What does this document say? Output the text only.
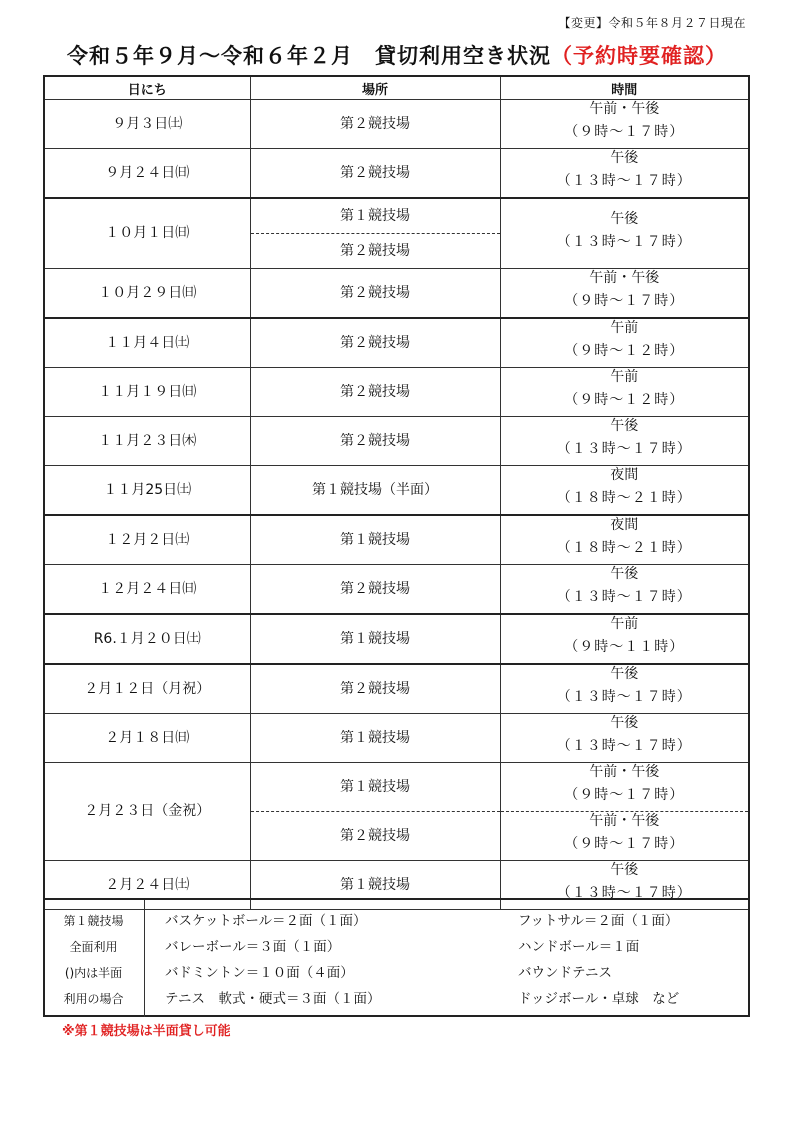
【変更】令和５年８月２７日現在
令和５年９月～令和６年２月　貸切利用空き状況（予約時要確認）
日にち	場所	時間
９月３日㈯	第２競技場	午前・午後
（９時～１７時）

９月２４日㈰	第２競技場	午後
（１３時～１７時）

１０月１日㈰	第１競技場	午後
（１３時～１７時）

	第２競技場	
１０月２９日㈰	第２競技場	午前・午後
（９時～１７時）

１１月４日㈯	第２競技場	午前
（９時～１２時）

１１月１９日㈰	第２競技場	午前
（９時～１２時）

１１月２３日㈭	第２競技場	午後
（１３時～１７時）

１１月25日㈯	第１競技場（半面）	夜間
（１８時～２１時）

１２月２日㈯	第１競技場	夜間
（１８時～２１時）

１２月２４日㈰	第２競技場	午後
（１３時～１７時）

R6.１月２０日㈯	第１競技場	午前
（９時～１１時）

２月１２日（月祝）	第２競技場	午後
（１３時～１７時）

２月１８日㈰	第１競技場	午後
（１３時～１７時）

２月２３日（金祝）	第１競技場	午前・午後
（９時～１７時）

	第２競技場	午前・午後
（９時～１７時）

２月２４日㈯	第１競技場	午後
（１３時～１７時）
第１競技場
全面利用
()内は半面
利用の場合
バスケットボール＝２面（１面）
バレーボール＝３面（１面）
バドミントン＝１０面（４面）
テニス　軟式・硬式＝３面（１面）
フットサル＝２面（１面）
ハンドボール＝１面
バウンドテニス
ドッジボール・卓球　など
※第１競技場は半面貸し可能
